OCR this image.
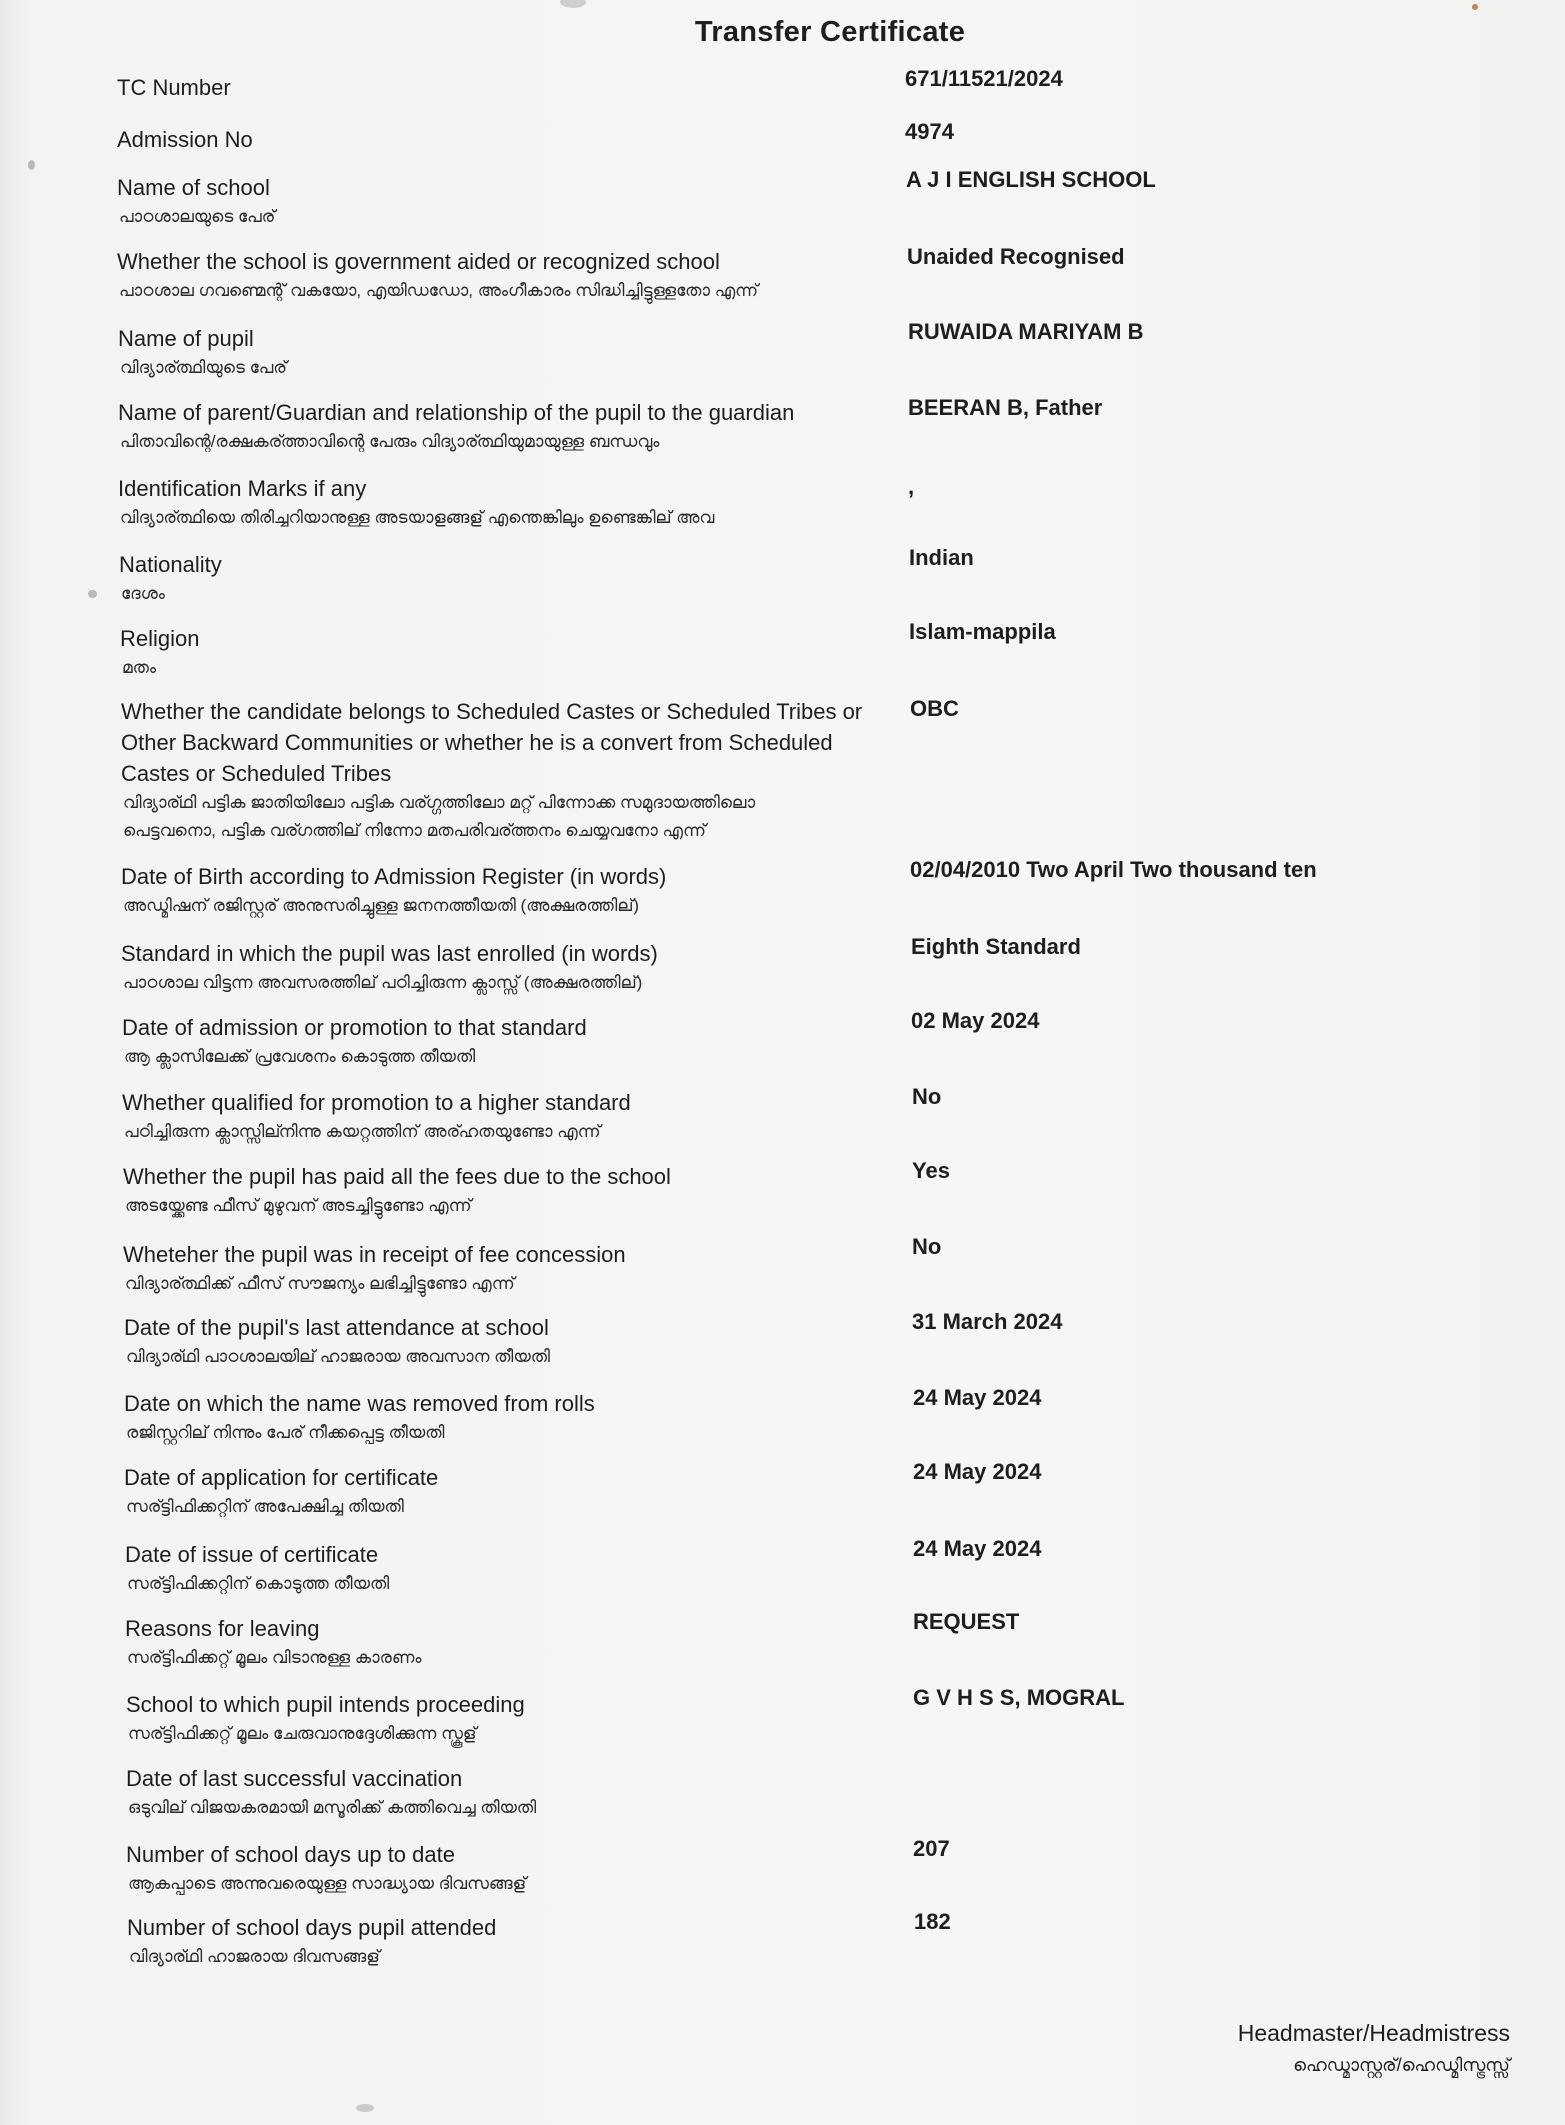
Transfer Certificate
TC Number	671/11521/2024
Admission No	4974
Name of school
പാഠശാലയുടെ പേര്
A J I ENGLISH SCHOOL
Whether the school is government aided or recognized school
പാഠശാല ഗവണ്മെന്റ് വകയോ, എയിഡഡോ, അംഗീകാരം സിദ്ധിച്ചിട്ടുള്ളതോ എന്ന്
Unaided Recognised
Name of pupil
വിദ്യാര്ത്ഥിയുടെ പേര്
RUWAIDA MARIYAM B
Name of parent/Guardian and relationship of the pupil to the guardian
പിതാവിന്റെ/രക്ഷകര്ത്താവിന്റെ പേരും വിദ്യാര്ത്ഥിയുമായുള്ള ബന്ധവും
BEERAN B, Father
Identification Marks if any
വിദ്യാര്ത്ഥിയെ തിരിച്ചറിയാനുള്ള അടയാളങ്ങള് എന്തെങ്കിലും ഉണ്ടെങ്കില് അവ
,
Nationality
ദേശം
Indian
Religion
മതം
Islam-mappila
Whether the candidate belongs to Scheduled Castes or Scheduled Tribes or
Other Backward Communities or whether he is a convert from Scheduled
Castes or Scheduled Tribes
വിദ്യാര്ഥി പട്ടിക ജാതിയിലോ പട്ടിക വര്ഗ്ഗത്തിലോ മറ്റ് പിന്നോക്ക സമുദായത്തിലൊ
പെട്ടവനൊ, പട്ടിക വര്ഗത്തില് നിന്നോ മതപരിവര്ത്തനം ചെയ്യവനോ എന്ന്
OBC
Date of Birth according to Admission Register (in words)
അഡ്മിഷന് രജിസ്റ്റര് അനുസരിച്ചുള്ള ജനനത്തീയതി (അക്ഷരത്തില്)
02/04/2010 Two April Two thousand ten
Standard in which the pupil was last enrolled (in words)
പാഠശാല വിട്ടന്ന അവസരത്തില് പഠിച്ചിരുന്ന ക്ലാസ്സ് (അക്ഷരത്തില്)
Eighth Standard
Date of admission or promotion to that standard
ആ ക്ലാസിലേക്ക് പ്രവേശനം കൊടുത്ത തീയതി
02 May 2024
Whether qualified for promotion to a higher standard
പഠിച്ചിരുന്ന ക്ലാസ്സില്നിന്നു കയറ്റത്തിന് അര്ഹതയുണ്ടോ എന്ന്
No
Whether the pupil has paid all the fees due to the school
അടയ്ക്കേണ്ട ഫീസ് മുഴുവന് അടച്ചിട്ടുണ്ടോ എന്ന്
Yes
Wheteher the pupil was in receipt of fee concession
വിദ്യാര്ത്ഥിക്ക് ഫീസ് സൗജന്യം ലഭിച്ചിട്ടുണ്ടോ എന്ന്
No
Date of the pupil's last attendance at school
വിദ്യാര്ഥി പാഠശാലയില് ഹാജരായ അവസാന തീയതി
31 March 2024
Date on which the name was removed from rolls
രജിസ്റ്ററില് നിന്നും പേര് നീക്കപ്പെട്ട തീയതി
24 May 2024
Date of application for certificate
സര്ട്ടിഫിക്കറ്റിന് അപേക്ഷിച്ച തിയതി
24 May 2024
Date of issue of certificate
സര്ട്ടിഫിക്കറ്റിന് കൊടുത്ത തീയതി
24 May 2024
Reasons for leaving
സര്ട്ടിഫിക്കറ്റ് മൂലം വിടാനുള്ള കാരണം
REQUEST
School to which pupil intends proceeding
സര്ട്ടിഫിക്കറ്റ് മൂലം ചേരുവാനുദ്ദേശിക്കുന്ന സ്കൂള്
G V H S S, MOGRAL
Date of last successful vaccination
ഒടുവില് വിജയകരമായി മസൂരിക്ക് കത്തിവെച്ച തിയതി
Number of school days up to date
ആകപ്പാടെ അന്നുവരെയുള്ള സാദ്ധ്യായ ദിവസങ്ങള്
207
Number of school days pupil attended
വിദ്യാര്ഥി ഹാജരായ ദിവസങ്ങള്
182
Headmaster/Headmistress
ഹെഡ്മാസ്റ്റര്/ഹെഡ്മിസ്ട്രസ്സ്
